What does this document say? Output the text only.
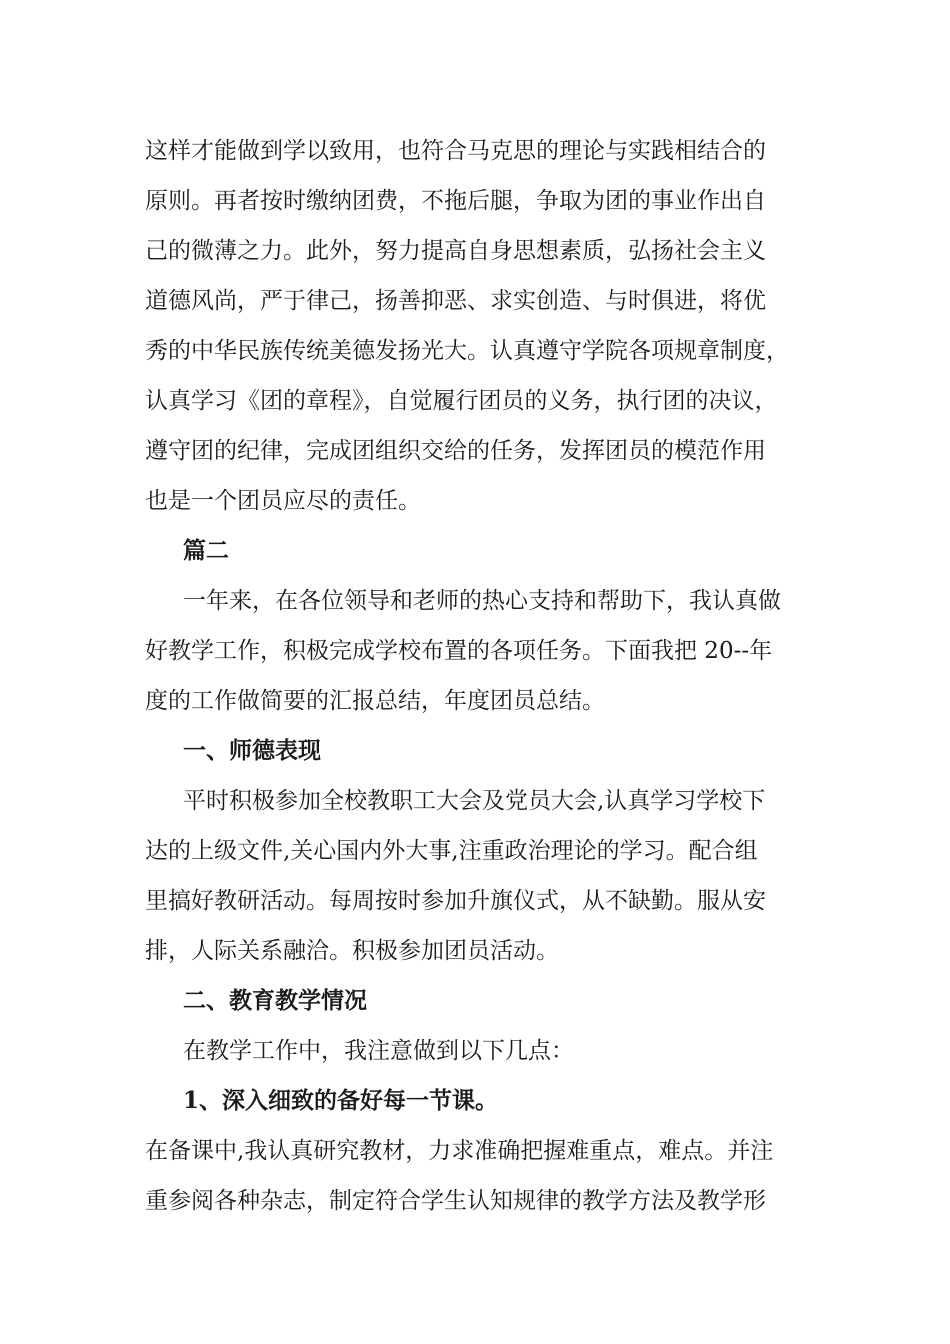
这样才能做到学以致用，也符合马克思的理论与实践相结合的
原则。再者按时缴纳团费，不拖后腿，争取为团的事业作出自
己的微薄之力。此外，努力提高自身思想素质，弘扬社会主义
道德风尚，严于律己，扬善抑恶、求实创造、与时俱进，将优
秀的中华民族传统美德发扬光大。认真遵守学院各项规章制度，
认真学习《团的章程》，自觉履行团员的义务，执行团的决议，
遵守团的纪律，完成团组织交给的任务，发挥团员的模范作用
也是一个团员应尽的责任。
篇二
一年来，在各位领导和老师的热心支持和帮助下，我认真做
好教学工作，积极完成学校布置的各项任务。下面我把 20--年
度的工作做简要的汇报总结，年度团员总结。
一、师德表现
平时积极参加全校教职工大会及党员大会,认真学习学校下
达的上级文件,关心国内外大事,注重政治理论的学习。配合组
里搞好教研活动。每周按时参加升旗仪式，从不缺勤。服从安
排，人际关系融洽。积极参加团员活动。
二、教育教学情况
在教学工作中，我注意做到以下几点：
1、深入细致的备好每一节课。
在备课中,我认真研究教材，力求准确把握难重点，难点。并注
重参阅各种杂志，制定符合学生认知规律的教学方法及教学形
